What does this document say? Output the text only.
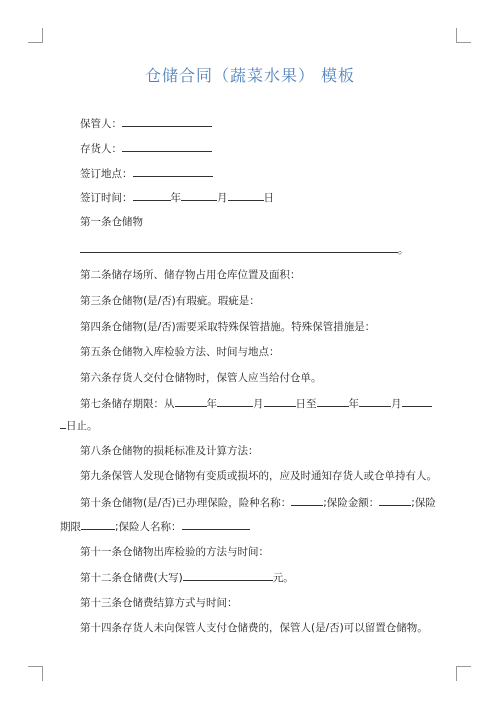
仓储合同（蔬菜水果） 模板
保管人：
存货人：
签订地点：
签订时间：	年	月	日
第一条仓储物
。
第二条储存场所、储存物占用仓库位置及面积：
第三条仓储物(是/否)有瑕疵。瑕疵是：
第四条仓储物(是/否)需要采取特殊保管措施。特殊保管措施是：
第五条仓储物入库检验方法、时间与地点：
第六条存货人交付仓储物时，保管人应当给付仓单。
第七条储存期限：从	年	月	日至	年	月
日止。
第八条仓储物的损耗标准及计算方法：
第九条保管人发现仓储物有变质或损坏的，应及时通知存货人或仓单持有人。
第十条仓储物(是/否)已办理保险，险种名称：	;保险金额：	;保险
期限	;保险人名称：
第十一条仓储物出库检验的方法与时间：
第十二条仓储费(大写)	元。
第十三条仓储费结算方式与时间：
第十四条存货人未向保管人支付仓储费的，保管人(是/否)可以留置仓储物。
